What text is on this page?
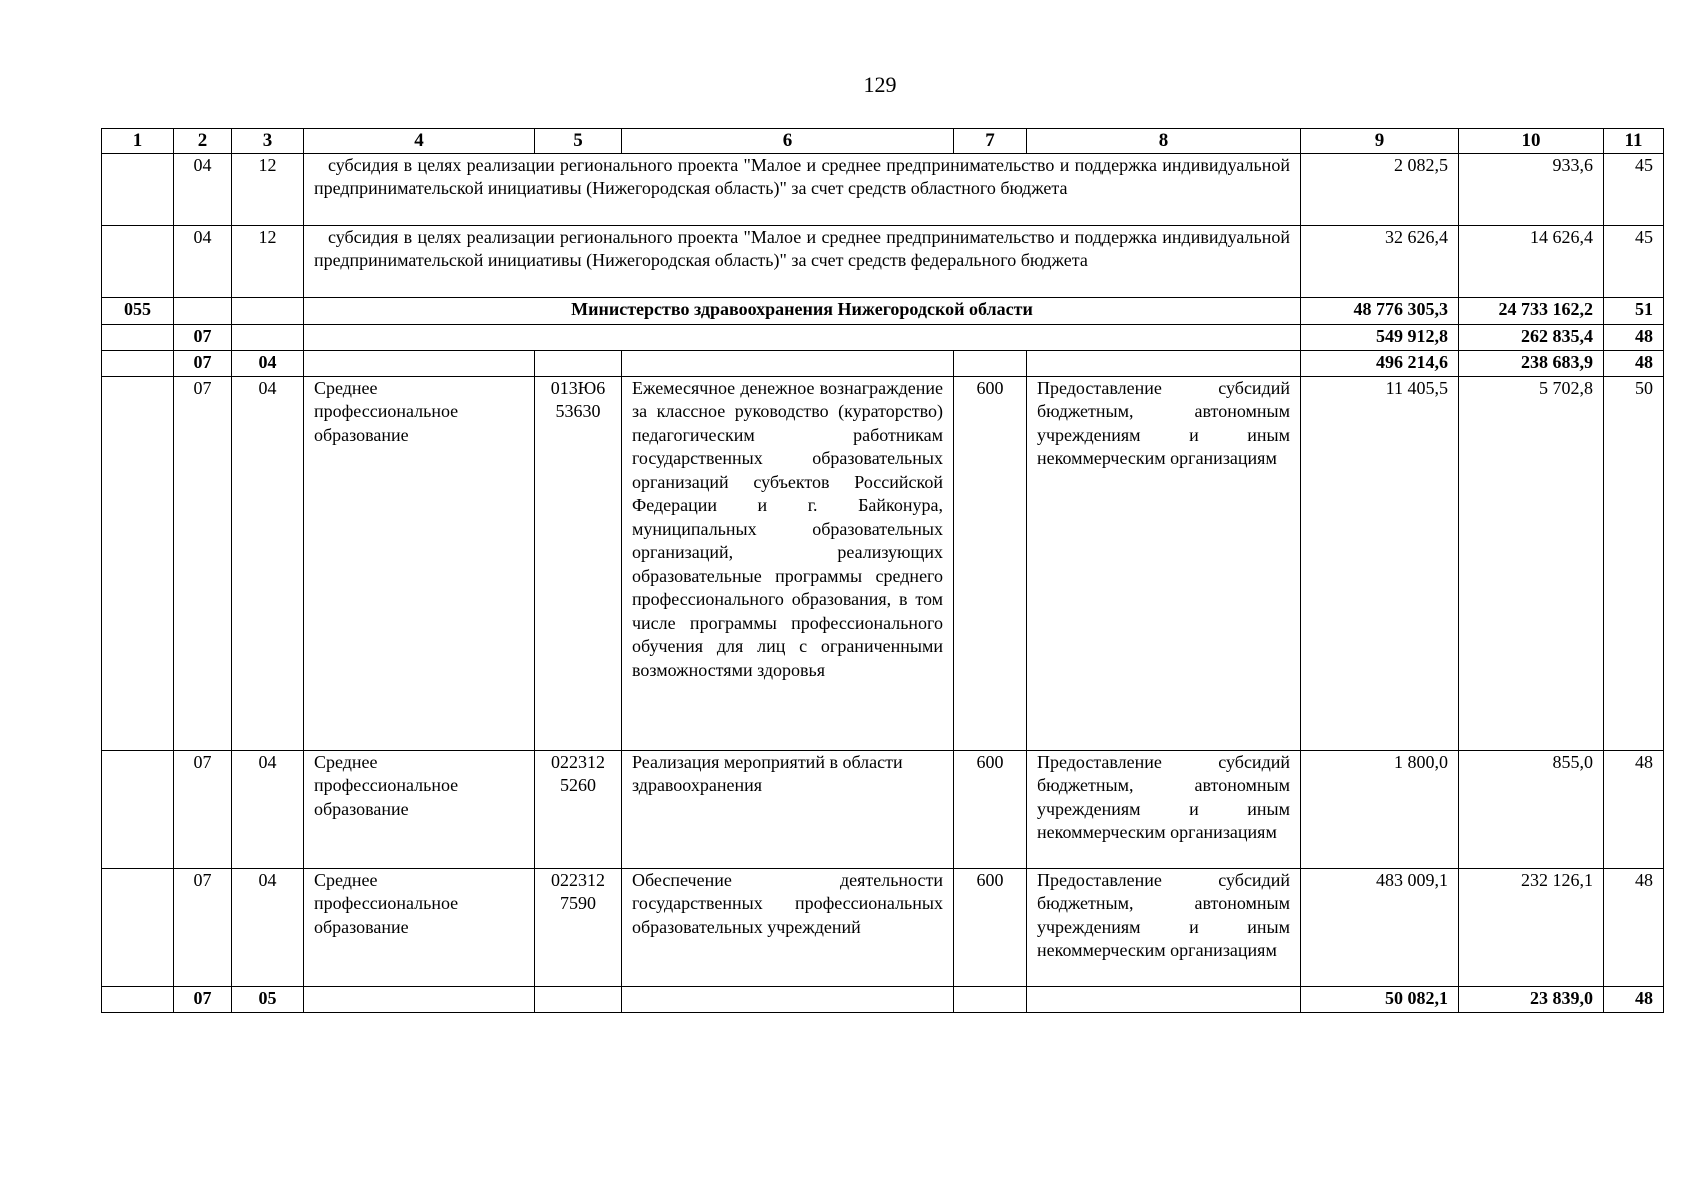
129
1	2	3	4	5	6	7	8	9	10	11
	04	12	субсидия в целях реализации регионального проекта "Малое и среднее предпринимательство и поддержка индивидуальной предпринимательской инициативы (Нижегородская область)" за счет средств областного бюджета					2 082,5	933,6	45
	04	12	субсидия в целях реализации регионального проекта "Малое и среднее предпринимательство и поддержка индивидуальной предпринимательской инициативы (Нижегородская область)" за счет средств федерального бюджета					32 626,4	14 626,4	45
055			Министерство здравоохранения Нижегородской области					48 776 305,3	24 733 162,2	51
	07							549 912,8	262 835,4	48
	07	04						496 214,6	238 683,9	48
	07	04	Среднее профессиональное образование	013Ю6 53630	Ежемесячное денежное вознаграждение за классное руководство (кураторство) педагогическим работникам государственных образовательных организаций субъектов Российской Федерации и г. Байконура, муниципальных образовательных организаций, реализующих образовательные программы среднего профессионального образования, в том числе программы профессионального обучения для лиц с ограниченными возможностями здоровья	600	Предоставление субсидий бюджетным, автономным учреждениям и иным некоммерческим организациям	11 405,5	5 702,8	50
	07	04	Среднее профессиональное образование	022312 5260	Реализация мероприятий в области здравоохранения	600	Предоставление субсидий бюджетным, автономным учреждениям и иным некоммерческим организациям	1 800,0	855,0	48
	07	04	Среднее профессиональное образование	022312 7590	Обеспечение деятельности государственных профессиональных образовательных учреждений	600	Предоставление субсидий бюджетным, автономным учреждениям и иным некоммерческим организациям	483 009,1	232 126,1	48
	07	05						50 082,1	23 839,0	48
